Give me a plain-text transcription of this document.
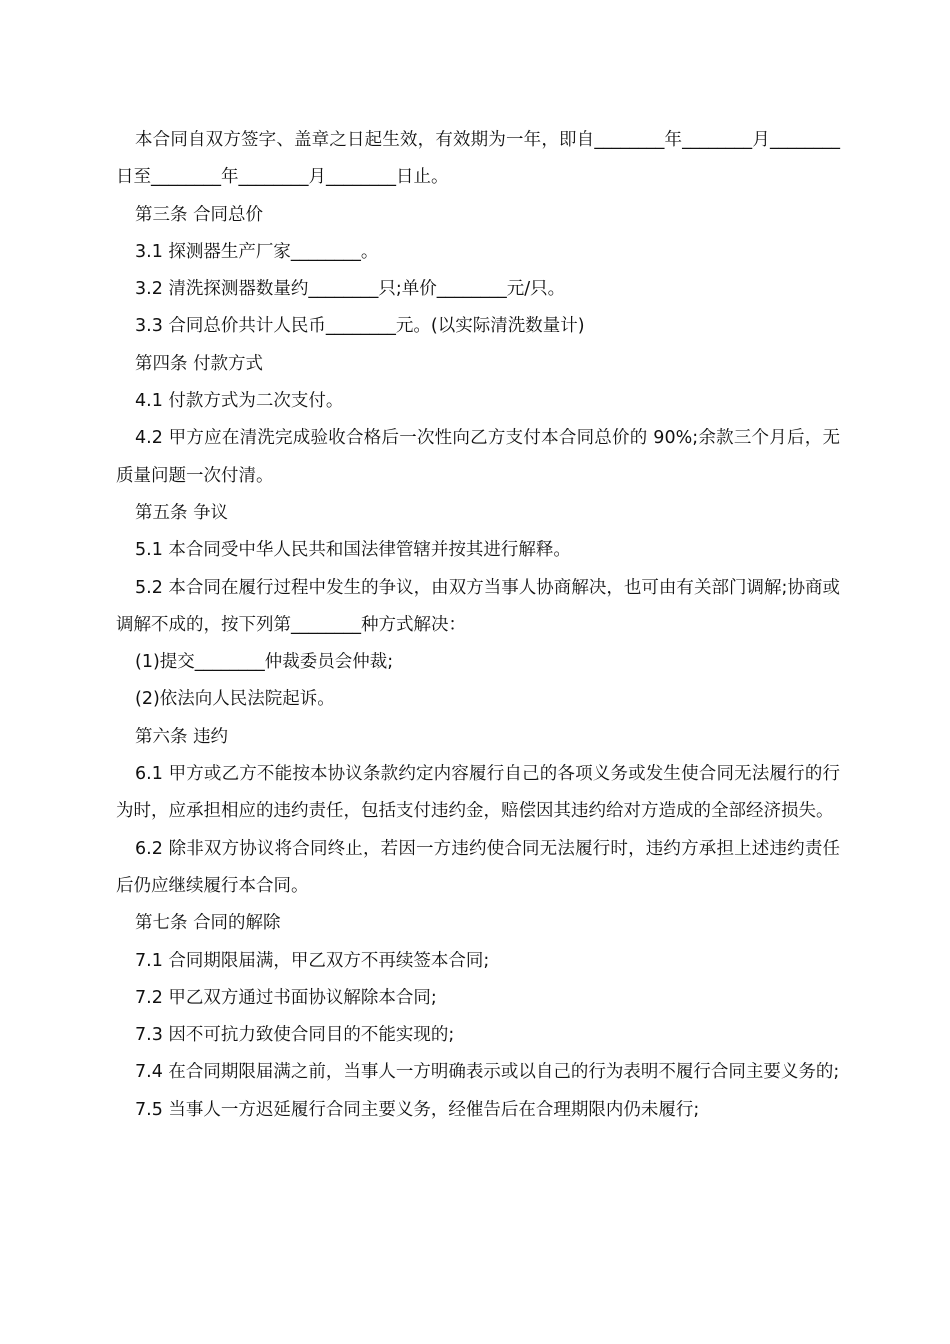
本合同自双方签字、盖章之日起生效，有效期为一年，即自________年________月________日至________年________月________日止。

第三条 合同总价

3.1 探测器生产厂家________。

3.2 清洗探测器数量约________只;单价________元/只。

3.3 合同总价共计人民币________元。(以实际清洗数量计)

第四条 付款方式

4.1 付款方式为二次支付。

4.2 甲方应在清洗完成验收合格后一次性向乙方支付本合同总价的 90%;余款三个月后，无质量问题一次付清。

第五条 争议

5.1 本合同受中华人民共和国法律管辖并按其进行解释。

5.2 本合同在履行过程中发生的争议，由双方当事人协商解决，也可由有关部门调解;协商或调解不成的，按下列第________种方式解决：

(1)提交________仲裁委员会仲裁;

(2)依法向人民法院起诉。

第六条 违约

6.1 甲方或乙方不能按本协议条款约定内容履行自己的各项义务或发生使合同无法履行的行为时，应承担相应的违约责任，包括支付违约金，赔偿因其违约给对方造成的全部经济损失。

6.2 除非双方协议将合同终止，若因一方违约使合同无法履行时，违约方承担上述违约责任后仍应继续履行本合同。

第七条 合同的解除

7.1 合同期限届满，甲乙双方不再续签本合同;

7.2 甲乙双方通过书面协议解除本合同;

7.3 因不可抗力致使合同目的不能实现的;

7.4 在合同期限届满之前，当事人一方明确表示或以自己的行为表明不履行合同主要义务的;

7.5 当事人一方迟延履行合同主要义务，经催告后在合理期限内仍未履行;
